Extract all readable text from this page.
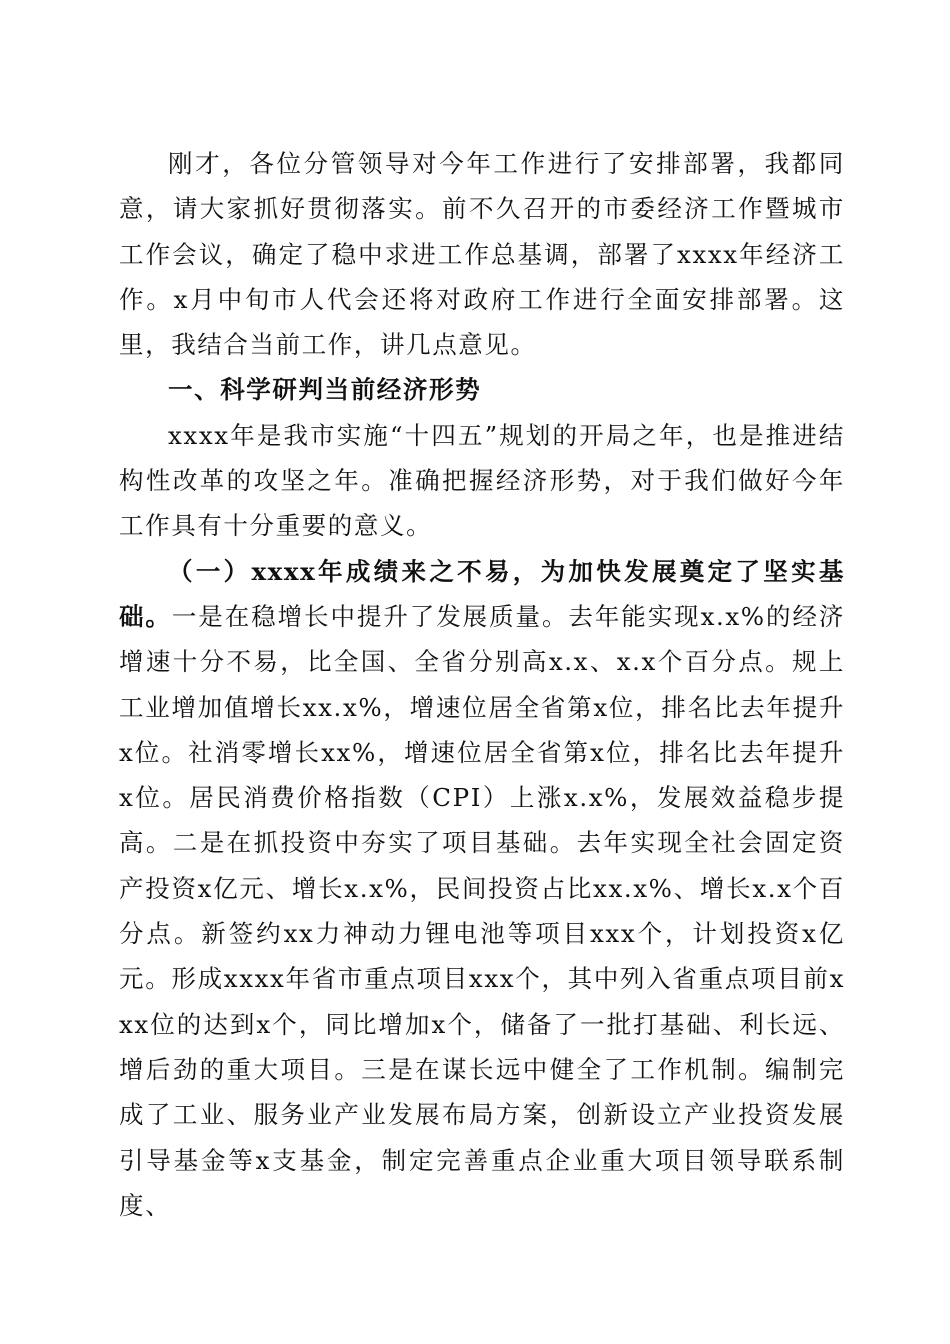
刚才，各位分管领导对今年工作进行了安排部署，我都同意，请大家抓好贯彻落实。前不久召开的市委经济工作暨城市工作会议，确定了稳中求进工作总基调，部署了xxxx年经济工作。x月中旬市人代会还将对政府工作进行全面安排部署。这里，我结合当前工作，讲几点意见。

一、科学研判当前经济形势

xxxx年是我市实施“十四五”规划的开局之年，也是推进结构性改革的攻坚之年。准确把握经济形势，对于我们做好今年工作具有十分重要的意义。

（一）xxxx年成绩来之不易，为加快发展奠定了坚实基础。一是在稳增长中提升了发展质量。去年能实现x.x%的经济增速十分不易，比全国、全省分别高x.x、x.x个百分点。规上工业增加值增长xx.x%，增速位居全省第x位，排名比去年提升x位。社消零增长xx%，增速位居全省第x位，排名比去年提升x位。居民消费价格指数（CPI）上涨x.x%，发展效益稳步提高。二是在抓投资中夯实了项目基础。去年实现全社会固定资产投资x亿元、增长x.x%，民间投资占比xx.x%、增长x.x个百分点。新签约xx力神动力锂电池等项目xxx个，计划投资x亿元。形成xxxx年省市重点项目xxx个，其中列入省重点项目前xxx位的达到x个，同比增加x个，储备了一批打基础、利长远、增后劲的重大项目。三是在谋长远中健全了工作机制。编制完成了工业、服务业产业发展布局方案，创新设立产业投资发展引导基金等x支基金，制定完善重点企业重大项目领导联系制度、
